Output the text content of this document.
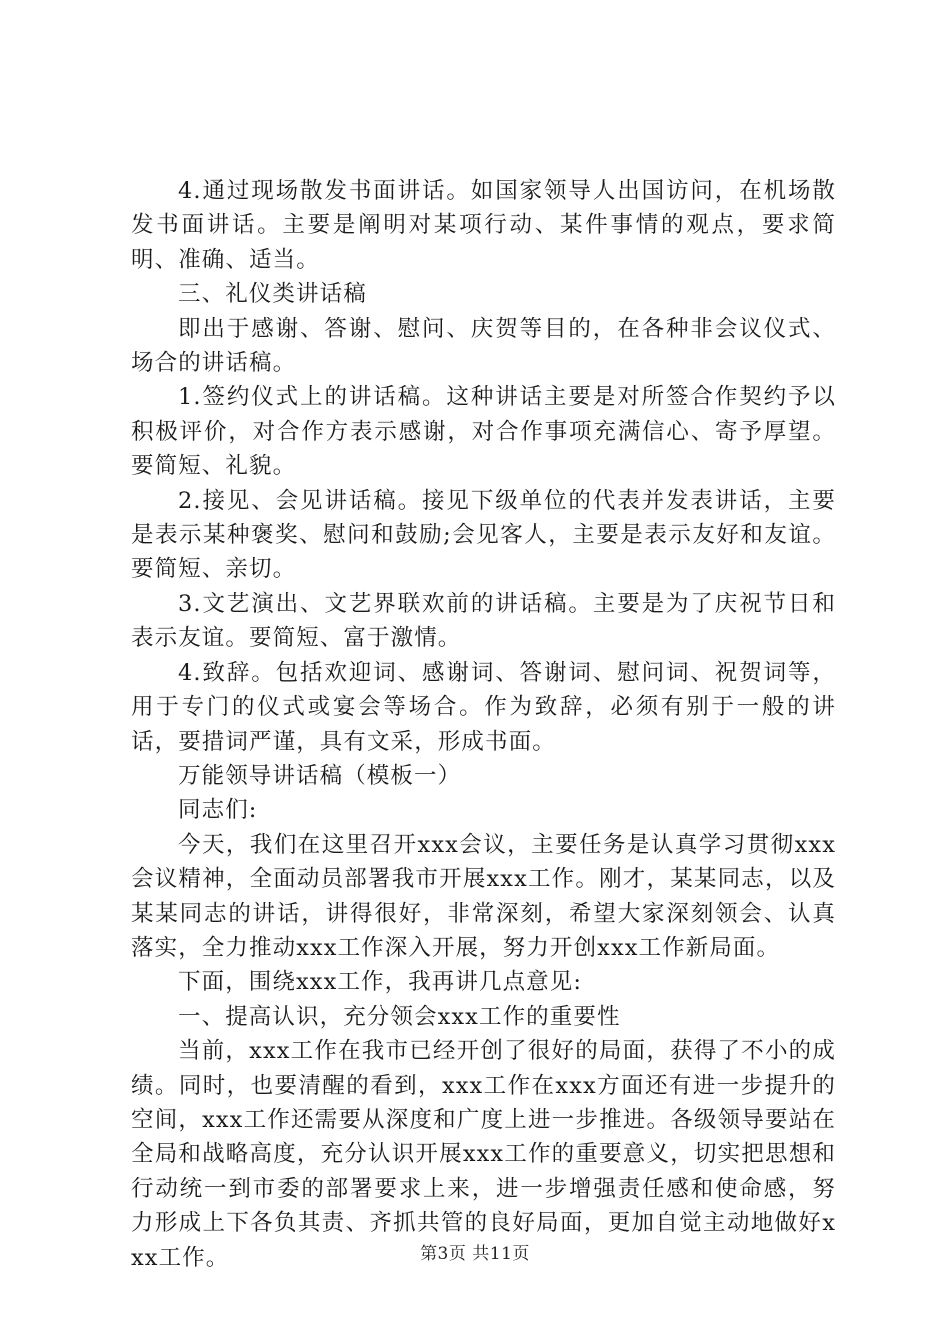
4.通过现场散发书面讲话。如国家领导人出国访问，在机场散发书面讲话。主要是阐明对某项行动、某件事情的观点，要求简明、准确、适当。

三、礼仪类讲话稿

即出于感谢、答谢、慰问、庆贺等目的，在各种非会议仪式、场合的讲话稿。

1.签约仪式上的讲话稿。这种讲话主要是对所签合作契约予以积极评价，对合作方表示感谢，对合作事项充满信心、寄予厚望。要简短、礼貌。

2.接见、会见讲话稿。接见下级单位的代表并发表讲话，主要是表示某种褒奖、慰问和鼓励;会见客人，主要是表示友好和友谊。要简短、亲切。

3.文艺演出、文艺界联欢前的讲话稿。主要是为了庆祝节日和表示友谊。要简短、富于激情。

4.致辞。包括欢迎词、感谢词、答谢词、慰问词、祝贺词等，用于专门的仪式或宴会等场合。作为致辞，必须有别于一般的讲话，要措词严谨，具有文采，形成书面。

万能领导讲话稿（模板一）

同志们:

今天，我们在这里召开xxx会议，主要任务是认真学习贯彻xxx会议精神，全面动员部署我市开展xxx工作。刚才，某某同志，以及某某同志的讲话，讲得很好，非常深刻，希望大家深刻领会、认真落实，全力推动xxx工作深入开展，努力开创xxx工作新局面。

下面，围绕xxx工作，我再讲几点意见:

一、提高认识，充分领会xxx工作的重要性

当前，xxx工作在我市已经开创了很好的局面，获得了不小的成绩。同时，也要清醒的看到，xxx工作在xxx方面还有进一步提升的空间，xxx工作还需要从深度和广度上进一步推进。各级领导要站在全局和战略高度，充分认识开展xxx工作的重要意义，切实把思想和行动统一到市委的部署要求上来，进一步增强责任感和使命感，努力形成上下各负其责、齐抓共管的良好局面，更加自觉主动地做好xxx工作。	第3页 共11页
